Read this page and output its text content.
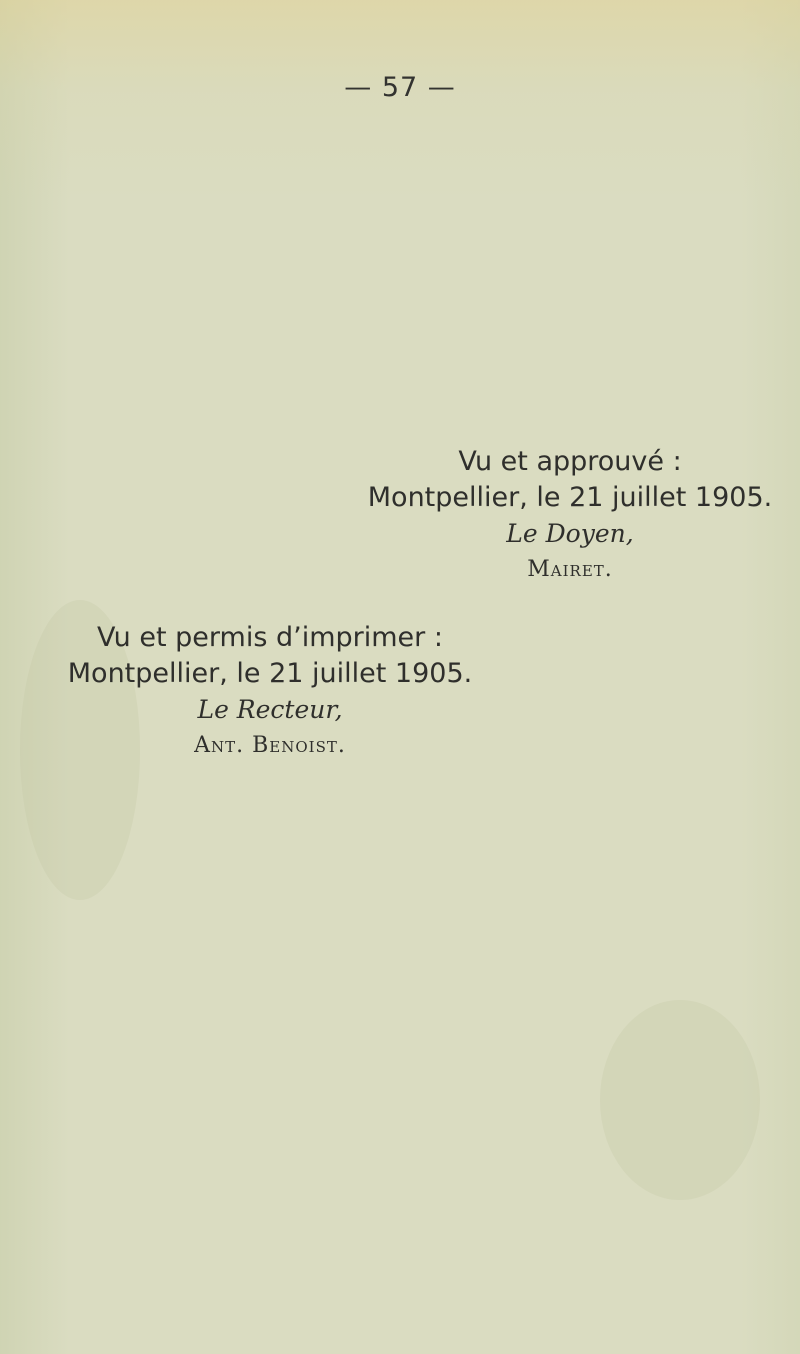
— 57 —
Vu et approuvé :
Montpellier, le 21 juillet 1905.
Le Doyen,
Mairet.
Vu et permis d’imprimer :
Montpellier, le 21 juillet 1905.
Le Recteur,
Ant. Benoist.
